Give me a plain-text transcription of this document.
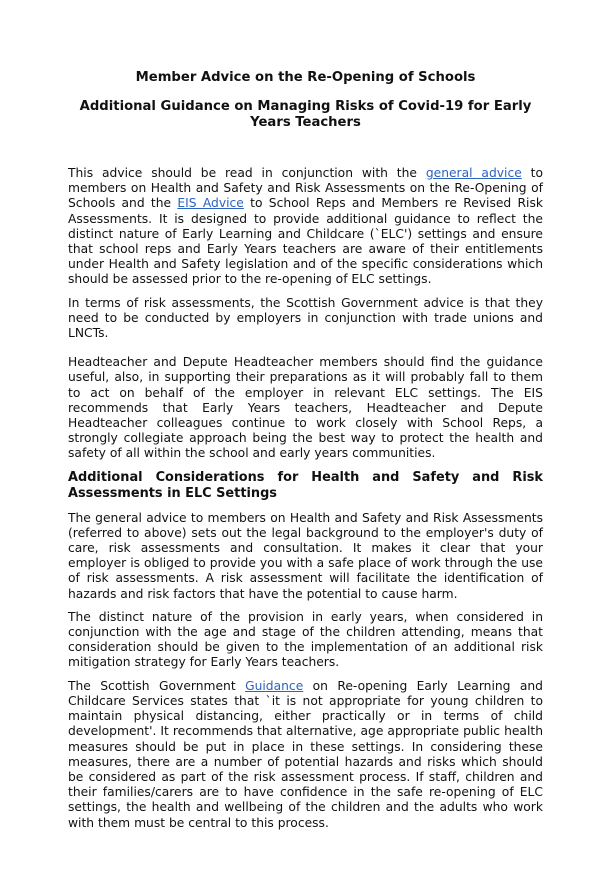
Member Advice on the Re-Opening of Schools
Additional Guidance on Managing Risks of Covid-19 for Early Years Teachers

This advice should be read in conjunction with the general advice to members on Health and Safety and Risk Assessments on the Re-Opening of Schools and the EIS Advice to School Reps and Members re Revised Risk Assessments. It is designed to provide additional guidance to reflect the distinct nature of Early Learning and Childcare (`ELC') settings and ensure that school reps and Early Years teachers are aware of their entitlements under Health and Safety legislation and of the specific considerations which should be assessed prior to the re-opening of ELC settings.

In terms of risk assessments, the Scottish Government advice is that they need to be conducted by employers in conjunction with trade unions and LNCTs.

Headteacher and Depute Headteacher members should find the guidance useful, also, in supporting their preparations as it will probably fall to them to act on behalf of the employer in relevant ELC settings. The EIS recommends that Early Years teachers, Headteacher and Depute Headteacher colleagues continue to work closely with School Reps, a strongly collegiate approach being the best way to protect the health and safety of all within the school and early years communities.

Additional Considerations for Health and Safety and Risk Assessments in ELC Settings

The general advice to members on Health and Safety and Risk Assessments (referred to above) sets out the legal background to the employer's duty of care, risk assessments and consultation. It makes it clear that your employer is obliged to provide you with a safe place of work through the use of risk assessments. A risk assessment will facilitate the identification of hazards and risk factors that have the potential to cause harm.

The distinct nature of the provision in early years, when considered in conjunction with the age and stage of the children attending, means that consideration should be given to the implementation of an additional risk mitigation strategy for Early Years teachers.

The Scottish Government Guidance on Re-opening Early Learning and Childcare Services states that `it is not appropriate for young children to maintain physical distancing, either practically or in terms of child development'. It recommends that alternative, age appropriate public health measures should be put in place in these settings. In considering these measures, there are a number of potential hazards and risks which should be considered as part of the risk assessment process. If staff, children and their families/carers are to have confidence in the safe re-opening of ELC settings, the health and wellbeing of the children and the adults who work with them must be central to this process.
